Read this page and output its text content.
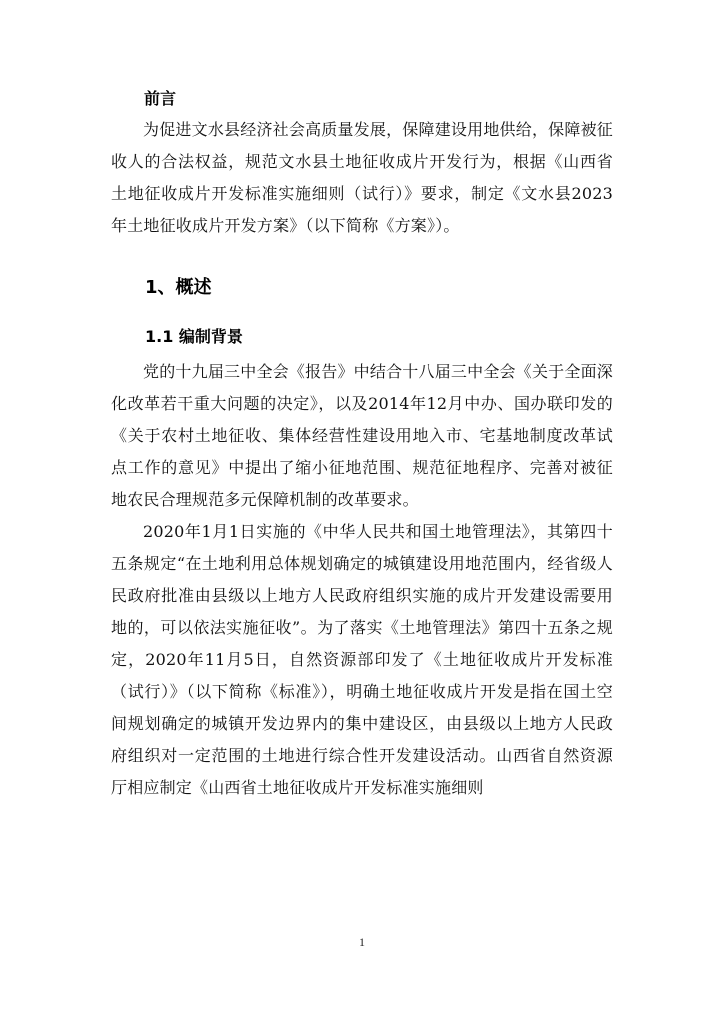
前言

为促进文水县经济社会高质量发展，保障建设用地供给，保障被征收人的合法权益，规范文水县土地征收成片开发行为，根据《山西省土地征收成片开发标准实施细则（试行）》要求，制定《文水县2023年土地征收成片开发方案》（以下简称《方案》）。

1、概述
1.1 编制背景

党的十九届三中全会《报告》中结合十八届三中全会《关于全面深化改革若干重大问题的决定》，以及2014年12月中办、国办联印发的《关于农村土地征收、集体经营性建设用地入市、宅基地制度改革试点工作的意见》中提出了缩小征地范围、规范征地程序、完善对被征地农民合理规范多元保障机制的改革要求。

2020年1月1日实施的《中华人民共和国土地管理法》，其第四十五条规定“在土地利用总体规划确定的城镇建设用地范围内，经省级人民政府批准由县级以上地方人民政府组织实施的成片开发建设需要用地的，可以依法实施征收”。为了落实《土地管理法》第四十五条之规定，2020年11月5日，自然资源部印发了《土地征收成片开发标准（试行）》（以下简称《标准》），明确土地征收成片开发是指在国土空间规划确定的城镇开发边界内的集中建设区，由县级以上地方人民政府组织对一定范围的土地进行综合性开发建设活动。山西省自然资源厅相应制定《山西省土地征收成片开发标准实施细则

1
